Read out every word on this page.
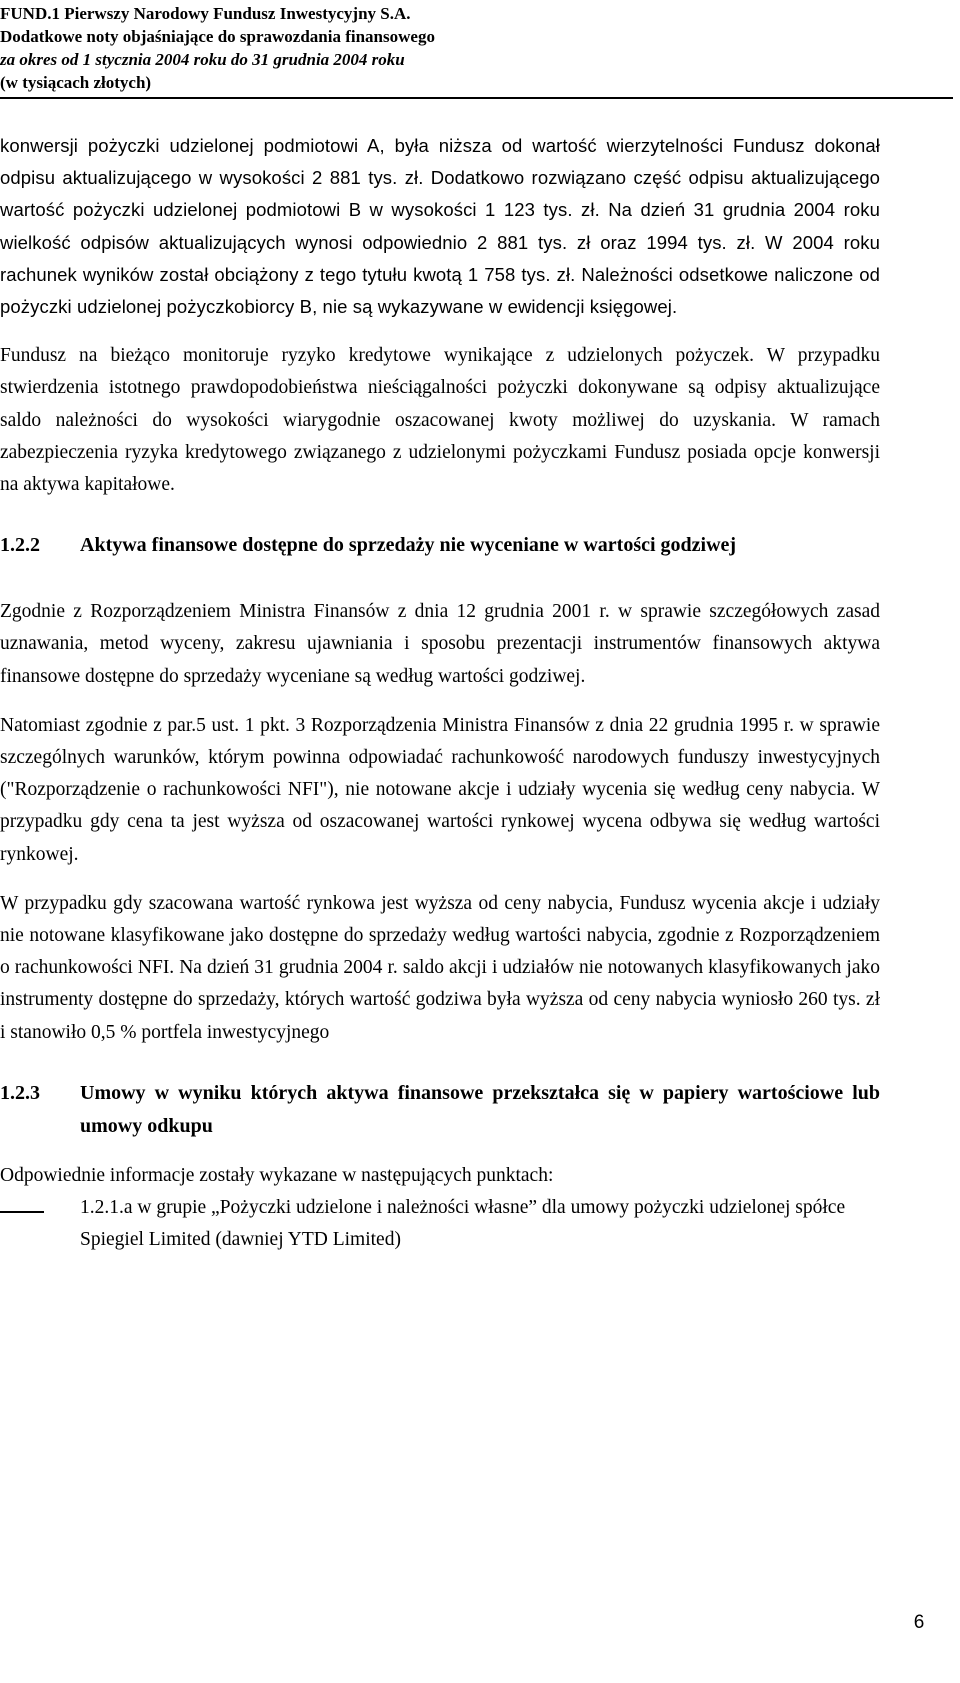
FUND.1 Pierwszy Narodowy Fundusz Inwestycyjny S.A.
Dodatkowe noty objaśniające do sprawozdania finansowego
za okres od 1 stycznia 2004 roku do 31 grudnia 2004 roku
(w tysiącach złotych)

konwersji pożyczki udzielonej podmiotowi A, była niższa od wartość wierzytelności Fundusz dokonał odpisu aktualizującego w wysokości 2 881 tys. zł. Dodatkowo rozwiązano część odpisu aktualizującego wartość pożyczki udzielonej podmiotowi B w wysokości 1 123 tys. zł. Na dzień 31 grudnia 2004 roku wielkość odpisów aktualizujących wynosi odpowiednio 2 881 tys. zł oraz 1994 tys. zł. W 2004 roku rachunek wyników został obciążony z tego tytułu kwotą 1 758 tys. zł. Należności odsetkowe naliczone od pożyczki udzielonej pożyczkobiorcy B, nie są wykazywane w ewidencji księgowej.

Fundusz na bieżąco monitoruje ryzyko kredytowe wynikające z udzielonych pożyczek. W przypadku stwierdzenia istotnego prawdopodobieństwa nieściągalności pożyczki dokonywane są odpisy aktualizujące saldo należności do wysokości wiarygodnie oszacowanej kwoty możliwej do uzyskania. W ramach zabezpieczenia ryzyka kredytowego związanego z udzielonymi pożyczkami Fundusz posiada opcje konwersji na aktywa kapitałowe.

1.2.2	Aktywa finansowe dostępne do sprzedaży nie wyceniane w wartości godziwej

Zgodnie z Rozporządzeniem Ministra Finansów z dnia 12 grudnia 2001 r. w sprawie szczegółowych zasad uznawania, metod wyceny, zakresu ujawniania i sposobu prezentacji instrumentów finansowych aktywa finansowe dostępne do sprzedaży wyceniane są według wartości godziwej.

Natomiast zgodnie z par.5 ust. 1 pkt. 3 Rozporządzenia Ministra Finansów z dnia 22 grudnia 1995 r. w sprawie szczególnych warunków, którym powinna odpowiadać rachunkowość narodowych funduszy inwestycyjnych ("Rozporządzenie o rachunkowości NFI"), nie notowane akcje i udziały wycenia się według ceny nabycia. W przypadku gdy cena ta jest wyższa od oszacowanej wartości rynkowej wycena odbywa się według wartości rynkowej.

W przypadku gdy szacowana wartość rynkowa jest wyższa od ceny nabycia, Fundusz wycenia akcje i udziały nie notowane klasyfikowane jako dostępne do sprzedaży według wartości nabycia, zgodnie z Rozporządzeniem o rachunkowości NFI. Na dzień 31 grudnia 2004 r. saldo akcji i udziałów nie notowanych klasyfikowanych jako instrumenty dostępne do sprzedaży, których wartość godziwa była wyższa od ceny nabycia wyniosło 260 tys. zł i stanowiło 0,5 % portfela inwestycyjnego

1.2.3	Umowy w wyniku których aktywa finansowe przekształca się w papiery wartościowe lub umowy odkupu

Odpowiednie informacje zostały wykazane w następujących punktach:

1.2.1.a w grupie „Pożyczki udzielone i należności własne” dla umowy pożyczki udzielonej spółce Spiegiel Limited (dawniej YTD Limited)
6
